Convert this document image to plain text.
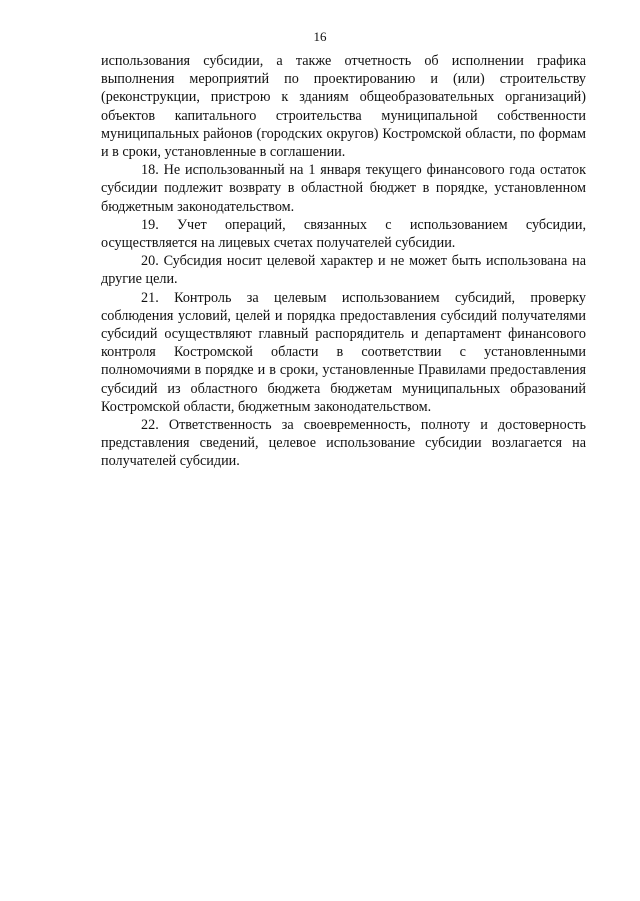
16

использования субсидии, а также отчетность об исполнении графика выполнения мероприятий по проектированию и (или) строительству (реконструкции, пристрою к зданиям общеобразовательных организаций) объектов капитального строительства муниципальной собственности муниципальных районов (городских округов) Костромской области, по формам и в сроки, установленные в соглашении.

18. Не использованный на 1 января текущего финансового года остаток субсидии подлежит возврату в областной бюджет в порядке, установленном бюджетным законодательством.

19. Учет операций, связанных с использованием субсидии, осуществляется на лицевых счетах получателей субсидии.

20. Субсидия носит целевой характер и не может быть использована на другие цели.

21. Контроль за целевым использованием субсидий, проверку соблюдения условий, целей и порядка предоставления субсидий получателями субсидий осуществляют главный распорядитель и департамент финансового контроля Костромской области в соответствии с установленными полномочиями в порядке и в сроки, установленные Правилами предоставления субсидий из областного бюджета бюджетам муниципальных образований Костромской области, бюджетным законодательством.

22. Ответственность за своевременность, полноту и достоверность представления сведений, целевое использование субсидии возлагается на получателей субсидии.
